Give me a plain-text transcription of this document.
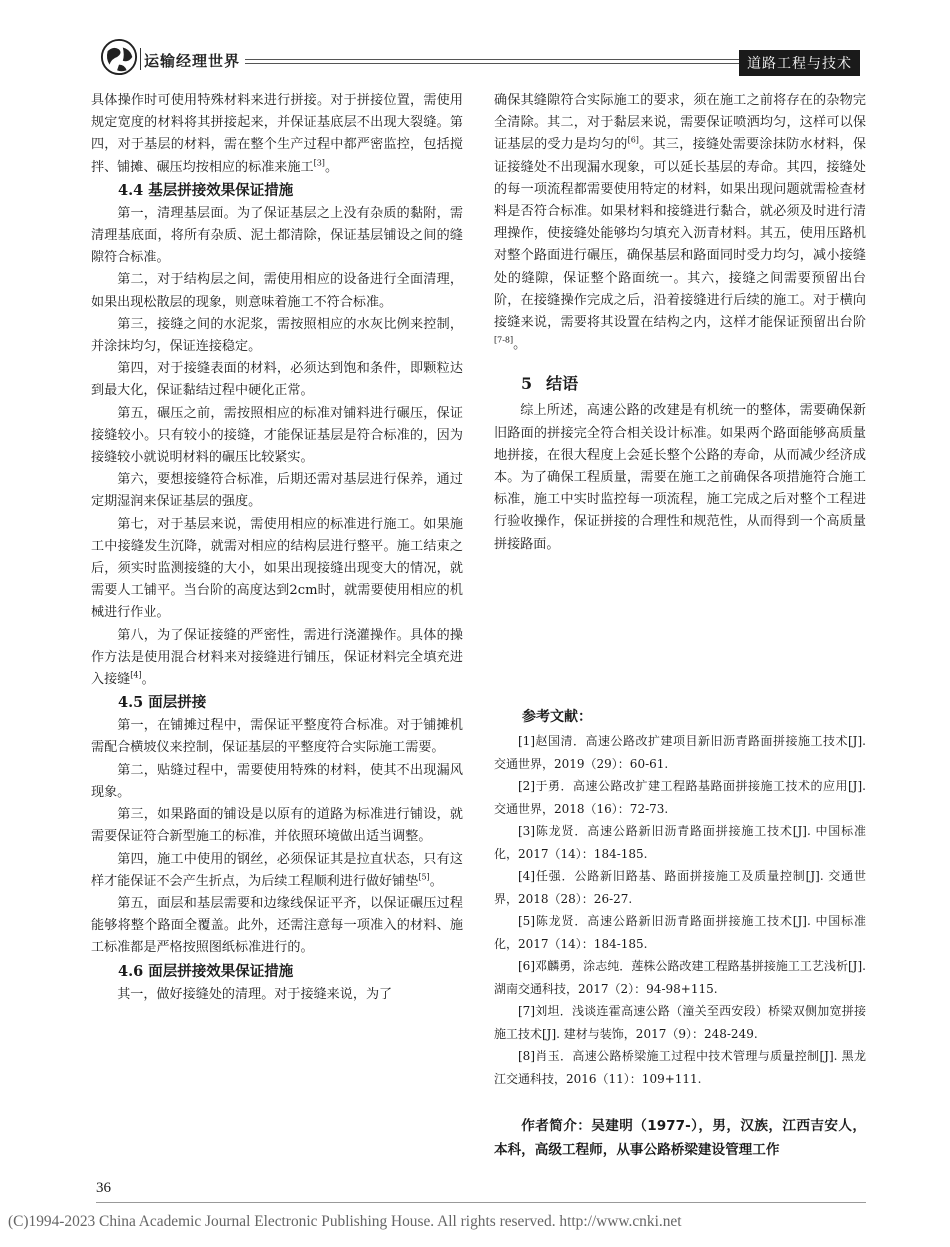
运输经理世界	道路工程与技术

具体操作时可使用特殊材料来进行拼接。对于拼接位置，需使用规定宽度的材料将其拼接起来，并保证基底层不出现大裂缝。第四，对于基层的材料，需在整个生产过程中都严密监控，包括搅拌、铺摊、碾压均按相应的标准来施工[3]。

4.4 基层拼接效果保证措施

第一，清理基层面。为了保证基层之上没有杂质的黏附，需清理基底面，将所有杂质、泥土都清除，保证基层铺设之间的缝隙符合标准。

第二，对于结构层之间，需使用相应的设备进行全面清理，如果出现松散层的现象，则意味着施工不符合标准。

第三，接缝之间的水泥浆，需按照相应的水灰比例来控制，并涂抹均匀，保证连接稳定。

第四，对于接缝表面的材料，必须达到饱和条件，即颗粒达到最大化，保证黏结过程中硬化正常。

第五，碾压之前，需按照相应的标准对铺料进行碾压，保证接缝较小。只有较小的接缝，才能保证基层是符合标准的，因为接缝较小就说明材料的碾压比较紧实。

第六，要想接缝符合标准，后期还需对基层进行保养，通过定期湿润来保证基层的强度。

第七，对于基层来说，需使用相应的标准进行施工。如果施工中接缝发生沉降，就需对相应的结构层进行整平。施工结束之后，须实时监测接缝的大小，如果出现接缝出现变大的情况，就需要人工铺平。当台阶的高度达到2cm时，就需要使用相应的机械进行作业。

第八，为了保证接缝的严密性，需进行浇灌操作。具体的操作方法是使用混合材料来对接缝进行铺压，保证材料完全填充进入接缝[4]。

4.5 面层拼接

第一，在铺摊过程中，需保证平整度符合标准。对于铺摊机需配合横坡仪来控制，保证基层的平整度符合实际施工需要。

第二，贴缝过程中，需要使用特殊的材料，使其不出现漏风现象。

第三，如果路面的铺设是以原有的道路为标准进行铺设，就需要保证符合新型施工的标准，并依照环境做出适当调整。

第四，施工中使用的钢丝，必须保证其是拉直状态，只有这样才能保证不会产生折点，为后续工程顺利进行做好铺垫[5]。

第五，面层和基层需要和边缘线保证平齐，以保证碾压过程能够将整个路面全覆盖。此外，还需注意每一项准入的材料、施工标准都是严格按照图纸标准进行的。

4.6 面层拼接效果保证措施

其一，做好接缝处的清理。对于接缝来说，为了

确保其缝隙符合实际施工的要求，须在施工之前将存在的杂物完全清除。其二，对于黏层来说，需要保证喷洒均匀，这样可以保证基层的受力是均匀的[6]。其三，接缝处需要涂抹防水材料，保证接缝处不出现漏水现象，可以延长基层的寿命。其四，接缝处的每一项流程都需要使用特定的材料，如果出现问题就需检查材料是否符合标准。如果材料和接缝进行黏合，就必须及时进行清理操作，使接缝处能够均匀填充入沥青材料。其五，使用压路机对整个路面进行碾压，确保基层和路面同时受力均匀，减小接缝处的缝隙，保证整个路面统一。其六，接缝之间需要预留出台阶，在接缝操作完成之后，沿着接缝进行后续的施工。对于横向接缝来说，需要将其设置在结构之内，这样才能保证预留出台阶[7-8]。

5 结语

综上所述，高速公路的改建是有机统一的整体，需要确保新旧路面的拼接完全符合相关设计标准。如果两个路面能够高质量地拼接，在很大程度上会延长整个公路的寿命，从而减少经济成本。为了确保工程质量，需要在施工之前确保各项措施符合施工标准，施工中实时监控每一项流程，施工完成之后对整个工程进行验收操作，保证拼接的合理性和规范性，从而得到一个高质量拼接路面。

参考文献：

[1]赵国清．高速公路改扩建项目新旧沥青路面拼接施工技术[J]. 交通世界，2019（29）：60-61.

[2]于勇．高速公路改扩建工程路基路面拼接施工技术的应用[J]. 交通世界，2018（16）：72-73.

[3]陈龙贤．高速公路新旧沥青路面拼接施工技术[J]. 中国标准化，2017（14）：184-185.

[4]任强．公路新旧路基、路面拼接施工及质量控制[J]. 交通世界，2018（28）：26-27.

[5]陈龙贤．高速公路新旧沥青路面拼接施工技术[J]. 中国标准化，2017（14）：184-185.

[6]邓麟勇，涂志纯．莲株公路改建工程路基拼接施工工艺浅析[J]. 湖南交通科技，2017（2）：94-98+115.

[7]刘坦．浅谈连霍高速公路（潼关至西安段）桥梁双侧加宽拼接施工技术[J]. 建材与装饰，2017（9）：248-249.

[8]肖玉．高速公路桥梁施工过程中技术管理与质量控制[J]. 黑龙江交通科技，2016（11）：109+111.

作者简介：吴建明（1977-），男，汉族，江西吉安人，本科，高级工程师，从事公路桥梁建设管理工作
36
(C)1994-2023 China Academic Journal Electronic Publishing House. All rights reserved. http://www.cnki.net
